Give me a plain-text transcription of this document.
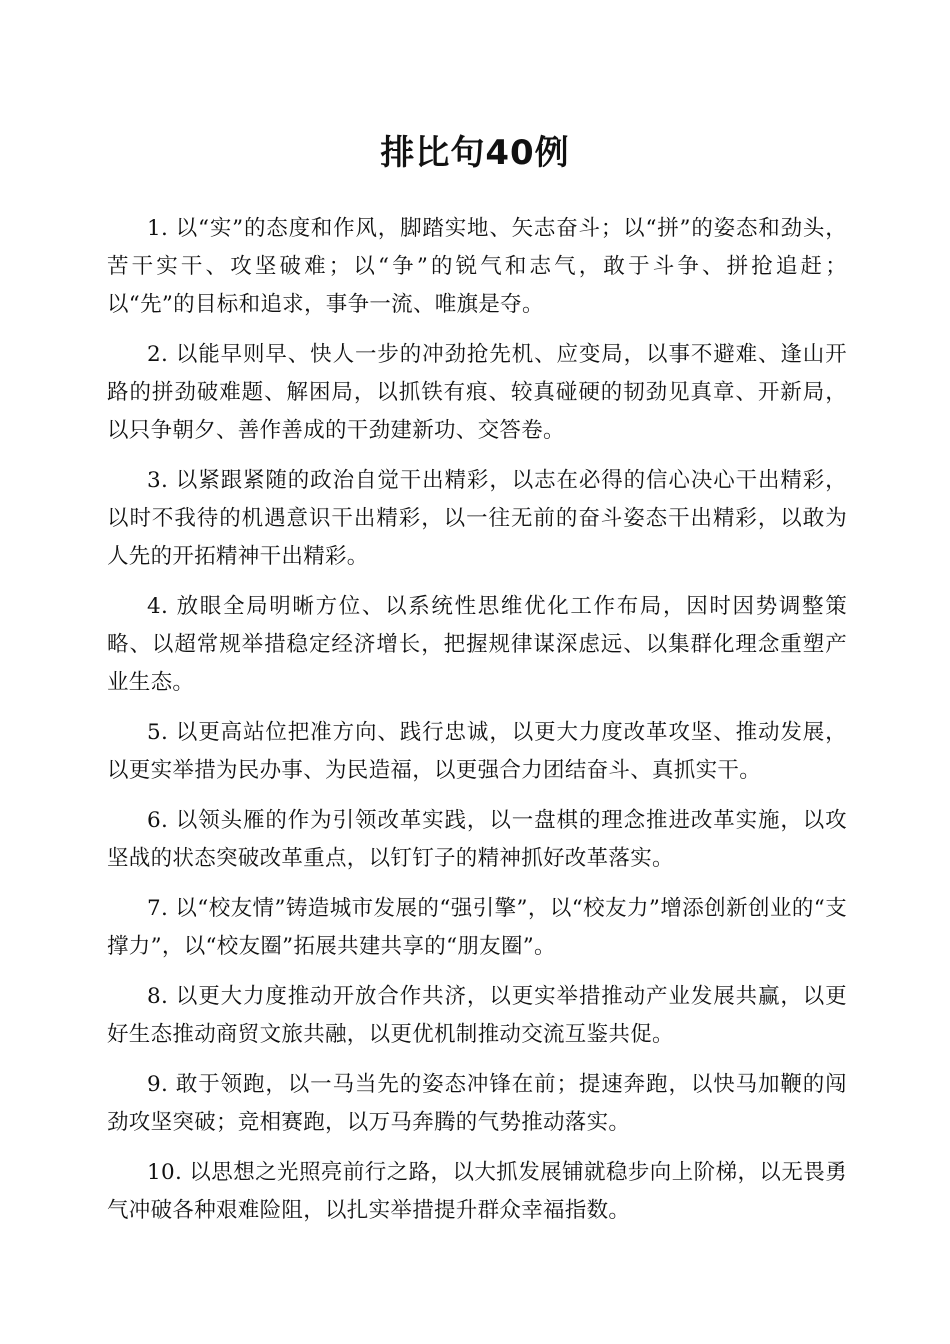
排比句40例

1. 以“实”的态度和作风，脚踏实地、矢志奋斗；以“拼”的姿态和劲头，苦干实干、攻坚破难；以“争”的锐气和志气，敢于斗争、拼抢追赶；以“先”的目标和追求，事争一流、唯旗是夺。

2. 以能早则早、快人一步的冲劲抢先机、应变局，以事不避难、逢山开路的拼劲破难题、解困局，以抓铁有痕、较真碰硬的韧劲见真章、开新局，以只争朝夕、善作善成的干劲建新功、交答卷。

3. 以紧跟紧随的政治自觉干出精彩，以志在必得的信心决心干出精彩，以时不我待的机遇意识干出精彩，以一往无前的奋斗姿态干出精彩，以敢为人先的开拓精神干出精彩。

4. 放眼全局明晰方位、以系统性思维优化工作布局，因时因势调整策略、以超常规举措稳定经济增长，把握规律谋深虑远、以集群化理念重塑产业生态。

5. 以更高站位把准方向、践行忠诚，以更大力度改革攻坚、推动发展，以更实举措为民办事、为民造福，以更强合力团结奋斗、真抓实干。

6. 以领头雁的作为引领改革实践，以一盘棋的理念推进改革实施，以攻坚战的状态突破改革重点，以钉钉子的精神抓好改革落实。

7. 以“校友情”铸造城市发展的“强引擎”，以“校友力”增添创新创业的“支撑力”，以“校友圈”拓展共建共享的“朋友圈”。

8. 以更大力度推动开放合作共济，以更实举措推动产业发展共赢，以更好生态推动商贸文旅共融，以更优机制推动交流互鉴共促。

9. 敢于领跑，以一马当先的姿态冲锋在前；提速奔跑，以快马加鞭的闯劲攻坚突破；竞相赛跑，以万马奔腾的气势推动落实。

10. 以思想之光照亮前行之路，以大抓发展铺就稳步向上阶梯，以无畏勇气冲破各种艰难险阻，以扎实举措提升群众幸福指数。
